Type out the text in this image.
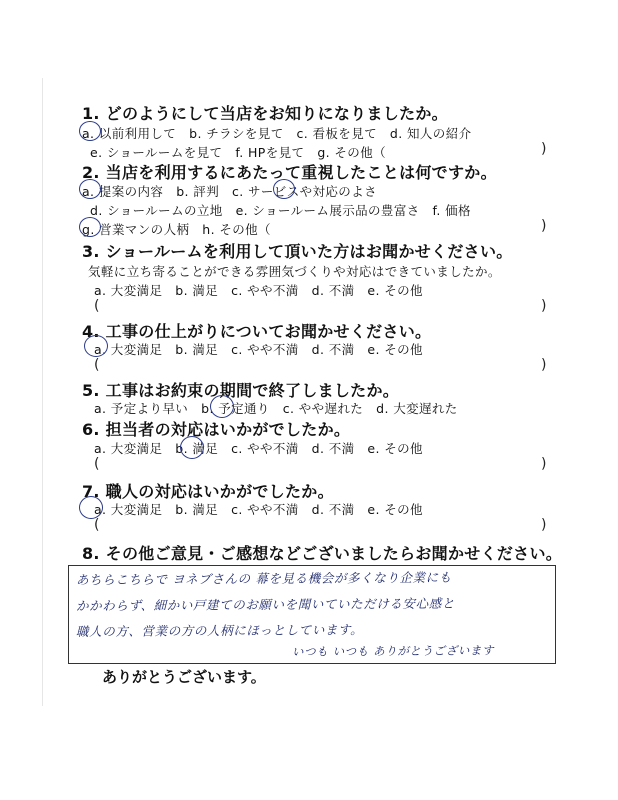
1. どのようにして当店をお知りになりましたか。
a. 以前利用して　b. チラシを見て　c. 看板を見て　d. 知人の紹介
e. ショールームを見て　f. HPを見て　g. その他（	)
2. 当店を利用するにあたって重視したことは何ですか。
a. 提案の内容　b. 評判　c. サービスや対応のよさ
d. ショールームの立地　e. ショールーム展示品の豊富さ　f. 価格
g. 営業マンの人柄　h. その他（	)
3. ショールームを利用して頂いた方はお聞かせください。
気軽に立ち寄ることができる雰囲気づくりや対応はできていましたか。
a. 大変満足　b. 満足　c. やや不満　d. 不満　e. その他
(	)
4. 工事の仕上がりについてお聞かせください。
a. 大変満足　b. 満足　c. やや不満　d. 不満　e. その他
(	)
5. 工事はお約束の期間で終了しましたか。
a. 予定より早い　b. 予定通り　c. やや遅れた　d. 大変遅れた
6. 担当者の対応はいかがでしたか。
a. 大変満足　b. 満足　c. やや不満　d. 不満　e. その他
(	)
7. 職人の対応はいかがでしたか。
a. 大変満足　b. 満足　c. やや不満　d. 不満　e. その他
(	)
8. その他ご意見・ご感想などございましたらお聞かせください。
あちらこちらで ヨネブさんの 幕を見る機会が多くなり企業にも
かかわらず、細かい戸建てのお願いを聞いていただける安心感と
職人の方、営業の方の人柄にほっとしています。
いつも いつも ありがとうございます
ありがとうございます。
